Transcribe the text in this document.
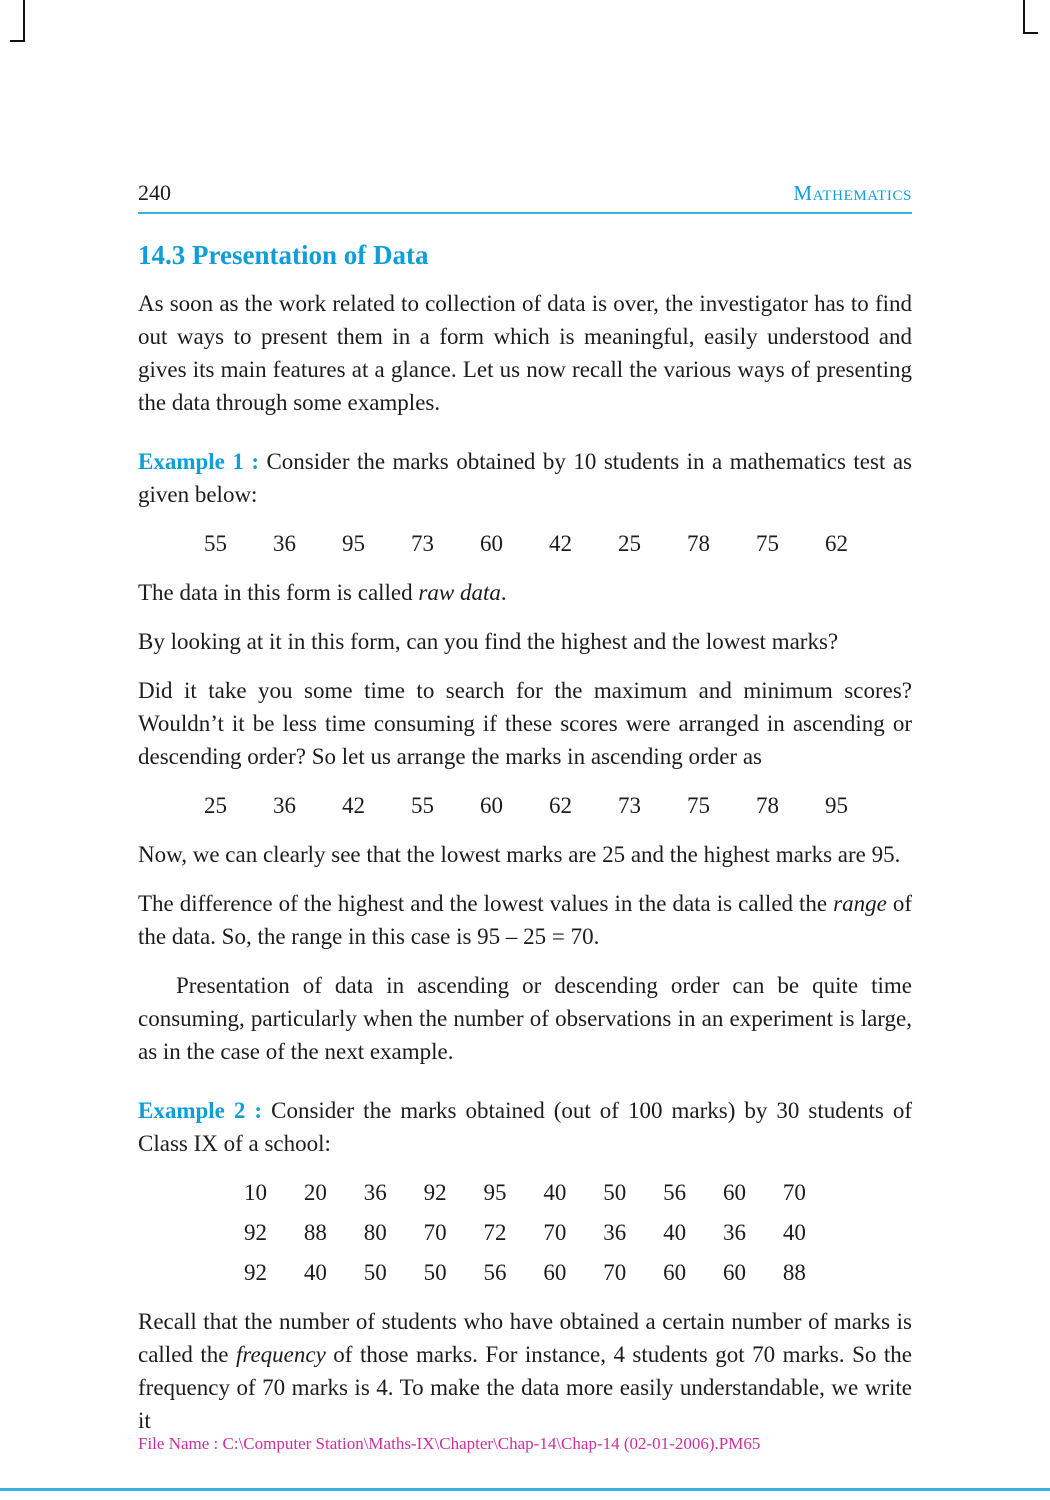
240	Mathematics
14.3 Presentation of Data

As soon as the work related to collection of data is over, the investigator has to find out ways to present them in a form which is meaningful, easily understood and gives its main features at a glance. Let us now recall the various ways of presenting the data through some examples.

Example 1 : Consider the marks obtained by 10 students in a mathematics test as given below:

55 36 95 73 60 42 25 78 75 62

The data in this form is called raw data.

By looking at it in this form, can you find the highest and the lowest marks?

Did it take you some time to search for the maximum and minimum scores? Wouldn’t it be less time consuming if these scores were arranged in ascending or descending order? So let us arrange the marks in ascending order as

25 36 42 55 60 62 73 75 78 95

Now, we can clearly see that the lowest marks are 25 and the highest marks are 95.

The difference of the highest and the lowest values in the data is called the range of the data. So, the range in this case is 95 – 25 = 70.

Presentation of data in ascending or descending order can be quite time consuming, particularly when the number of observations in an experiment is large, as in the case of the next example.

Example 2 : Consider the marks obtained (out of 100 marks) by 30 students of Class IX of a school:

10 20 36 92 95 40 50 56 60 70
92 88 80 70 72 70 36 40 36 40
92 40 50 50 56 60 70 60 60 88

Recall that the number of students who have obtained a certain number of marks is called the frequency of those marks. For instance, 4 students got 70 marks. So the frequency of 70 marks is 4. To make the data more easily understandable, we write it

File Name : C:\Computer Station\Maths-IX\Chapter\Chap-14\Chap-14 (02-01-2006).PM65
